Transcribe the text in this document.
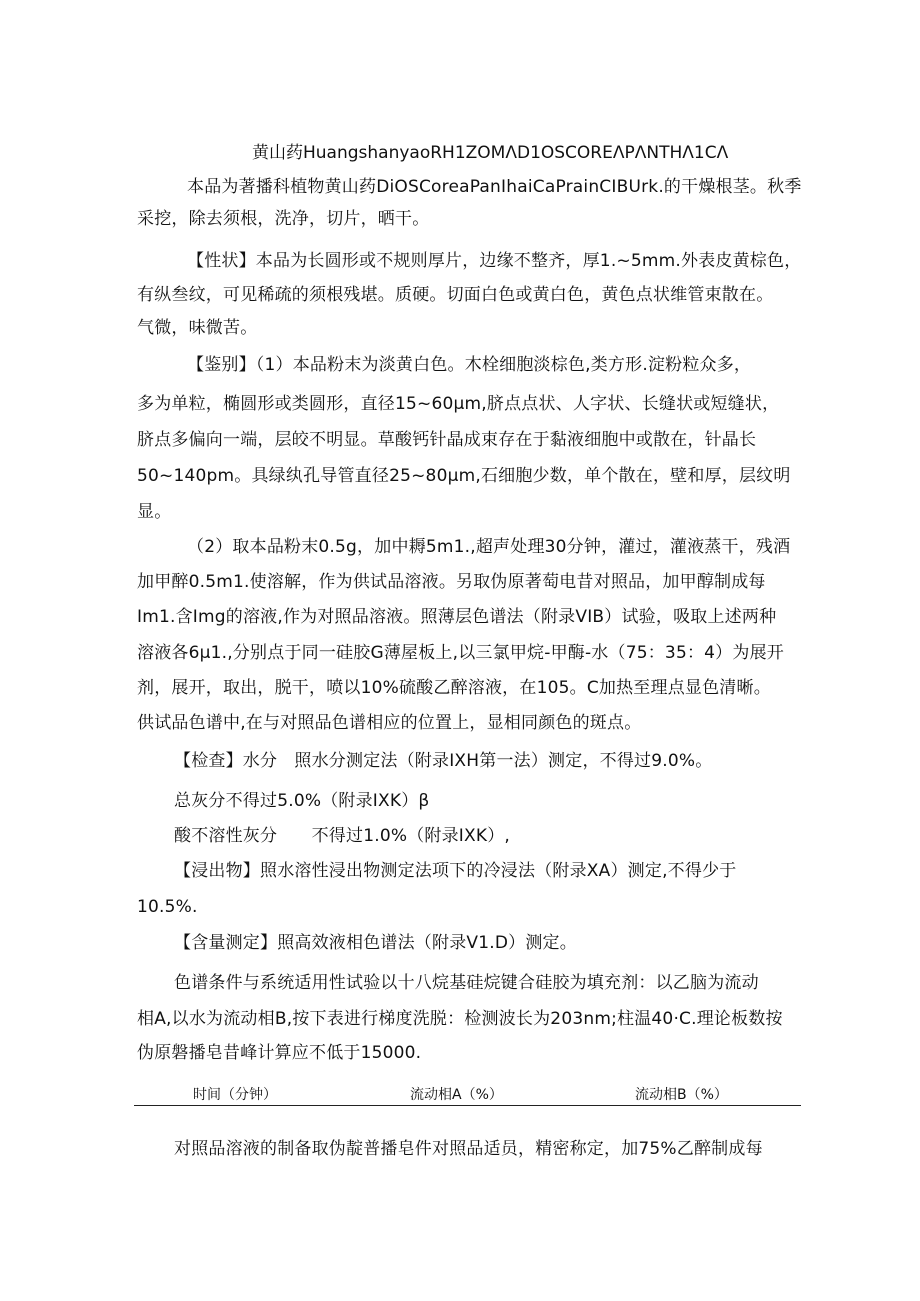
黄山药HuangshanyaoRH1ZOMΛD1OSCOREΛPΛNTHΛ1CΛ
本品为著播科植物黄山药DiOSCoreaPanIhaiCaPrainCIBUrk.的干燥根茎。秋季
采挖，除去须根，洗净，切片，晒干。
【性状】本品为长圆形或不规则厚片，边缘不整齐，厚1.~5mm.外表皮黄棕色，
有纵叁纹，可见稀疏的须根残堪。质硬。切面白色或黄白色，黄色点状维管束散在。
气微，味微苦。
【鉴别】（1）本品粉末为淡黄白色。木栓细胞淡棕色,类方形.淀粉粒众多，
多为单粒，椭圆形或类圆形，直径15~60μm,脐点点状、人字状、长缝状或短缝状，
脐点多偏向一端，层皎不明显。草酸钙针晶成束存在于黏液细胞中或散在，针晶长
50~140pm。具绿纨孔导管直径25~80μm,石细胞少数，单个散在，壁和厚，层纹明
显。
（2）取本品粉末0.5g，加中耨5m1.,超声处理30分钟，灌过，灌液蒸干，残酒
加甲醉0.5m1.使溶解，作为供试品溶液。另取伪原著萄电昔对照品，加甲醇制成每
Im1.含Img的溶液,作为对照品溶液。照薄层色谱法（附录VIB）试验，吸取上述两种
溶液各6μ1.,分别点于同一硅胶G薄屋板上,以三氯甲烷-甲酶-水（75：35：4）为展开
剂，展开，取出，脱干，喷以10%硫酸乙醉溶液，在105。C加热至理点显色清晰。
供试品色谱中,在与对照品色谱相应的位置上，显相同颜色的斑点。
【检查】水分　照水分测定法（附录IXH第一法）测定，不得过9.0%。
总灰分不得过5.0%（附录IXK）β
酸不溶性灰分　　不得过1.0%（附录IXK）,
【浸出物】照水溶性浸出物测定法项下的冷浸法（附录XA）测定,不得少于
10.5%.
【含量测定】照高效液相色谱法（附录V1.D）测定。
色谱条件与系统适用性试验以十八烷基硅烷键合硅胶为填充剂：以乙脑为流动
相A,以水为流动相B,按下表进行梯度洗脱：检测波长为203nm;柱温40·C.理论板数按
伪原磐播皂昔峰计算应不低于15000.
时间（分钟）	流动相A（%）	流动相B（%）
对照品溶液的制备取伪靛普播皂件对照品适员，精密称定，加75%乙醉制成每
